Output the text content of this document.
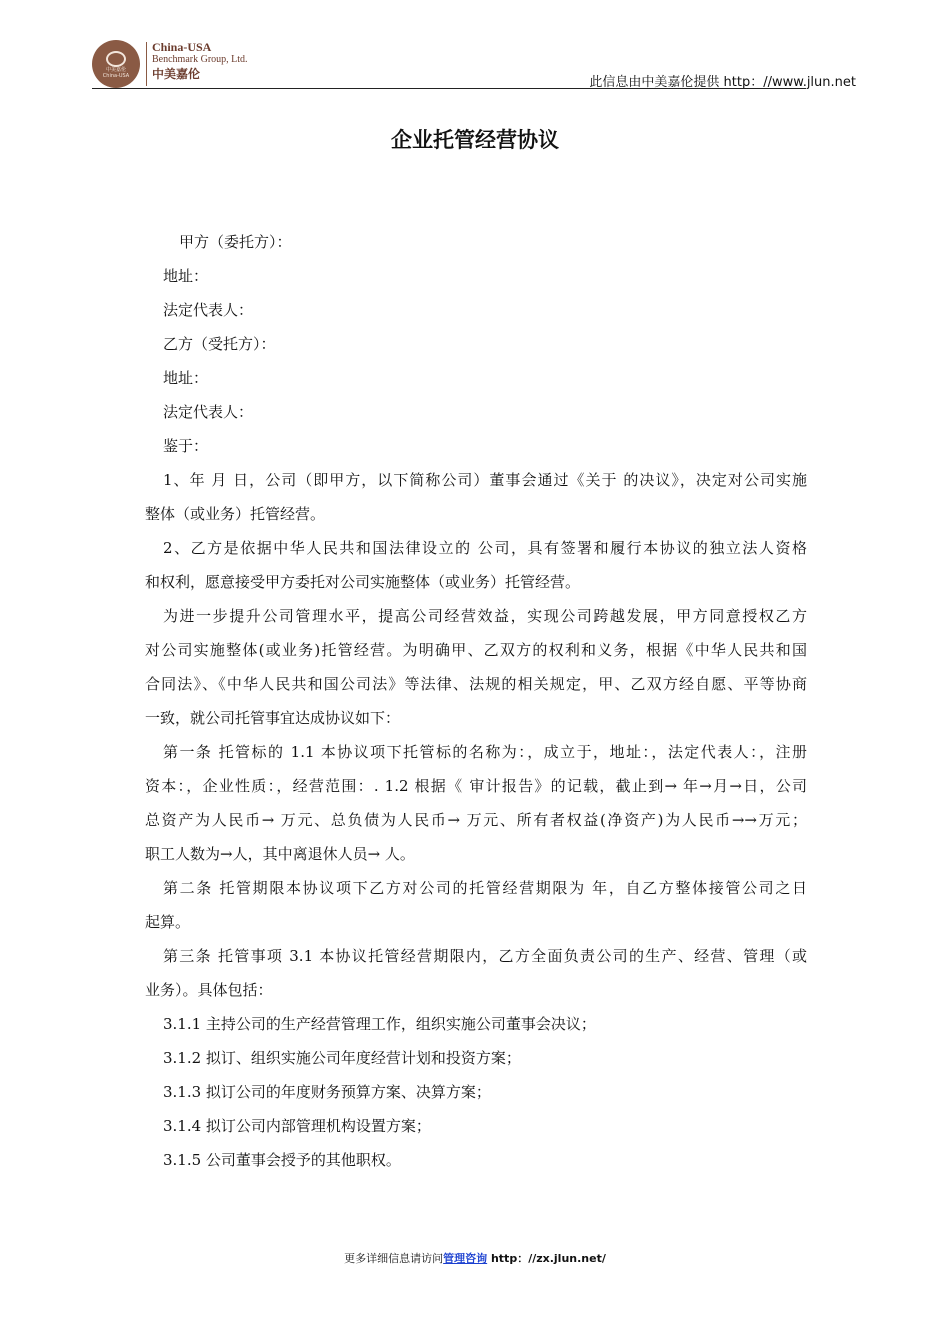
中美嘉伦
China-USA
China-USA
Benchmark Group, Ltd.
中美嘉伦
此信息由中美嘉伦提供 http：//www.jlun.net
企业托管经营协议
甲方（委托方）：
地址：
法定代表人：
乙方（受托方）：
地址：
法定代表人：
鉴于：
1、年 月 日，公司（即甲方，以下简称公司）董事会通过《关于 的决议》，决定对公司实施
整体（或业务）托管经营。
2、乙方是依据中华人民共和国法律设立的 公司，具有签署和履行本协议的独立法人资格
和权利，愿意接受甲方委托对公司实施整体（或业务）托管经营。
为进一步提升公司管理水平，提高公司经营效益，实现公司跨越发展，甲方同意授权乙方
对公司实施整体(或业务)托管经营。为明确甲、乙双方的权利和义务，根据《中华人民共和国
合同法》、《中华人民共和国公司法》等法律、法规的相关规定，甲、乙双方经自愿、平等协商
一致，就公司托管事宜达成协议如下：
第一条 托管标的 1.1 本协议项下托管标的名称为：，成立于，地址：，法定代表人：，注册
资本：，企业性质：，经营范围：. 1.2 根据《 审计报告》的记载，截止到→ 年→月→日，公司
总资产为人民币→ 万元、总负债为人民币→ 万元、所有者权益(净资产)为人民币→→万元；
职工人数为→人，其中离退休人员→ 人。
第二条 托管期限本协议项下乙方对公司的托管经营期限为 年，自乙方整体接管公司之日
起算。
第三条 托管事项 3.1 本协议托管经营期限内，乙方全面负责公司的生产、经营、管理（或
业务）。具体包括：
3.1.1 主持公司的生产经营管理工作，组织实施公司董事会决议；
3.1.2 拟订、组织实施公司年度经营计划和投资方案；
3.1.3 拟订公司的年度财务预算方案、决算方案；
3.1.4 拟订公司内部管理机构设置方案；
3.1.5 公司董事会授予的其他职权。
更多详细信息请访问管理咨询 http：//zx.jlun.net/
